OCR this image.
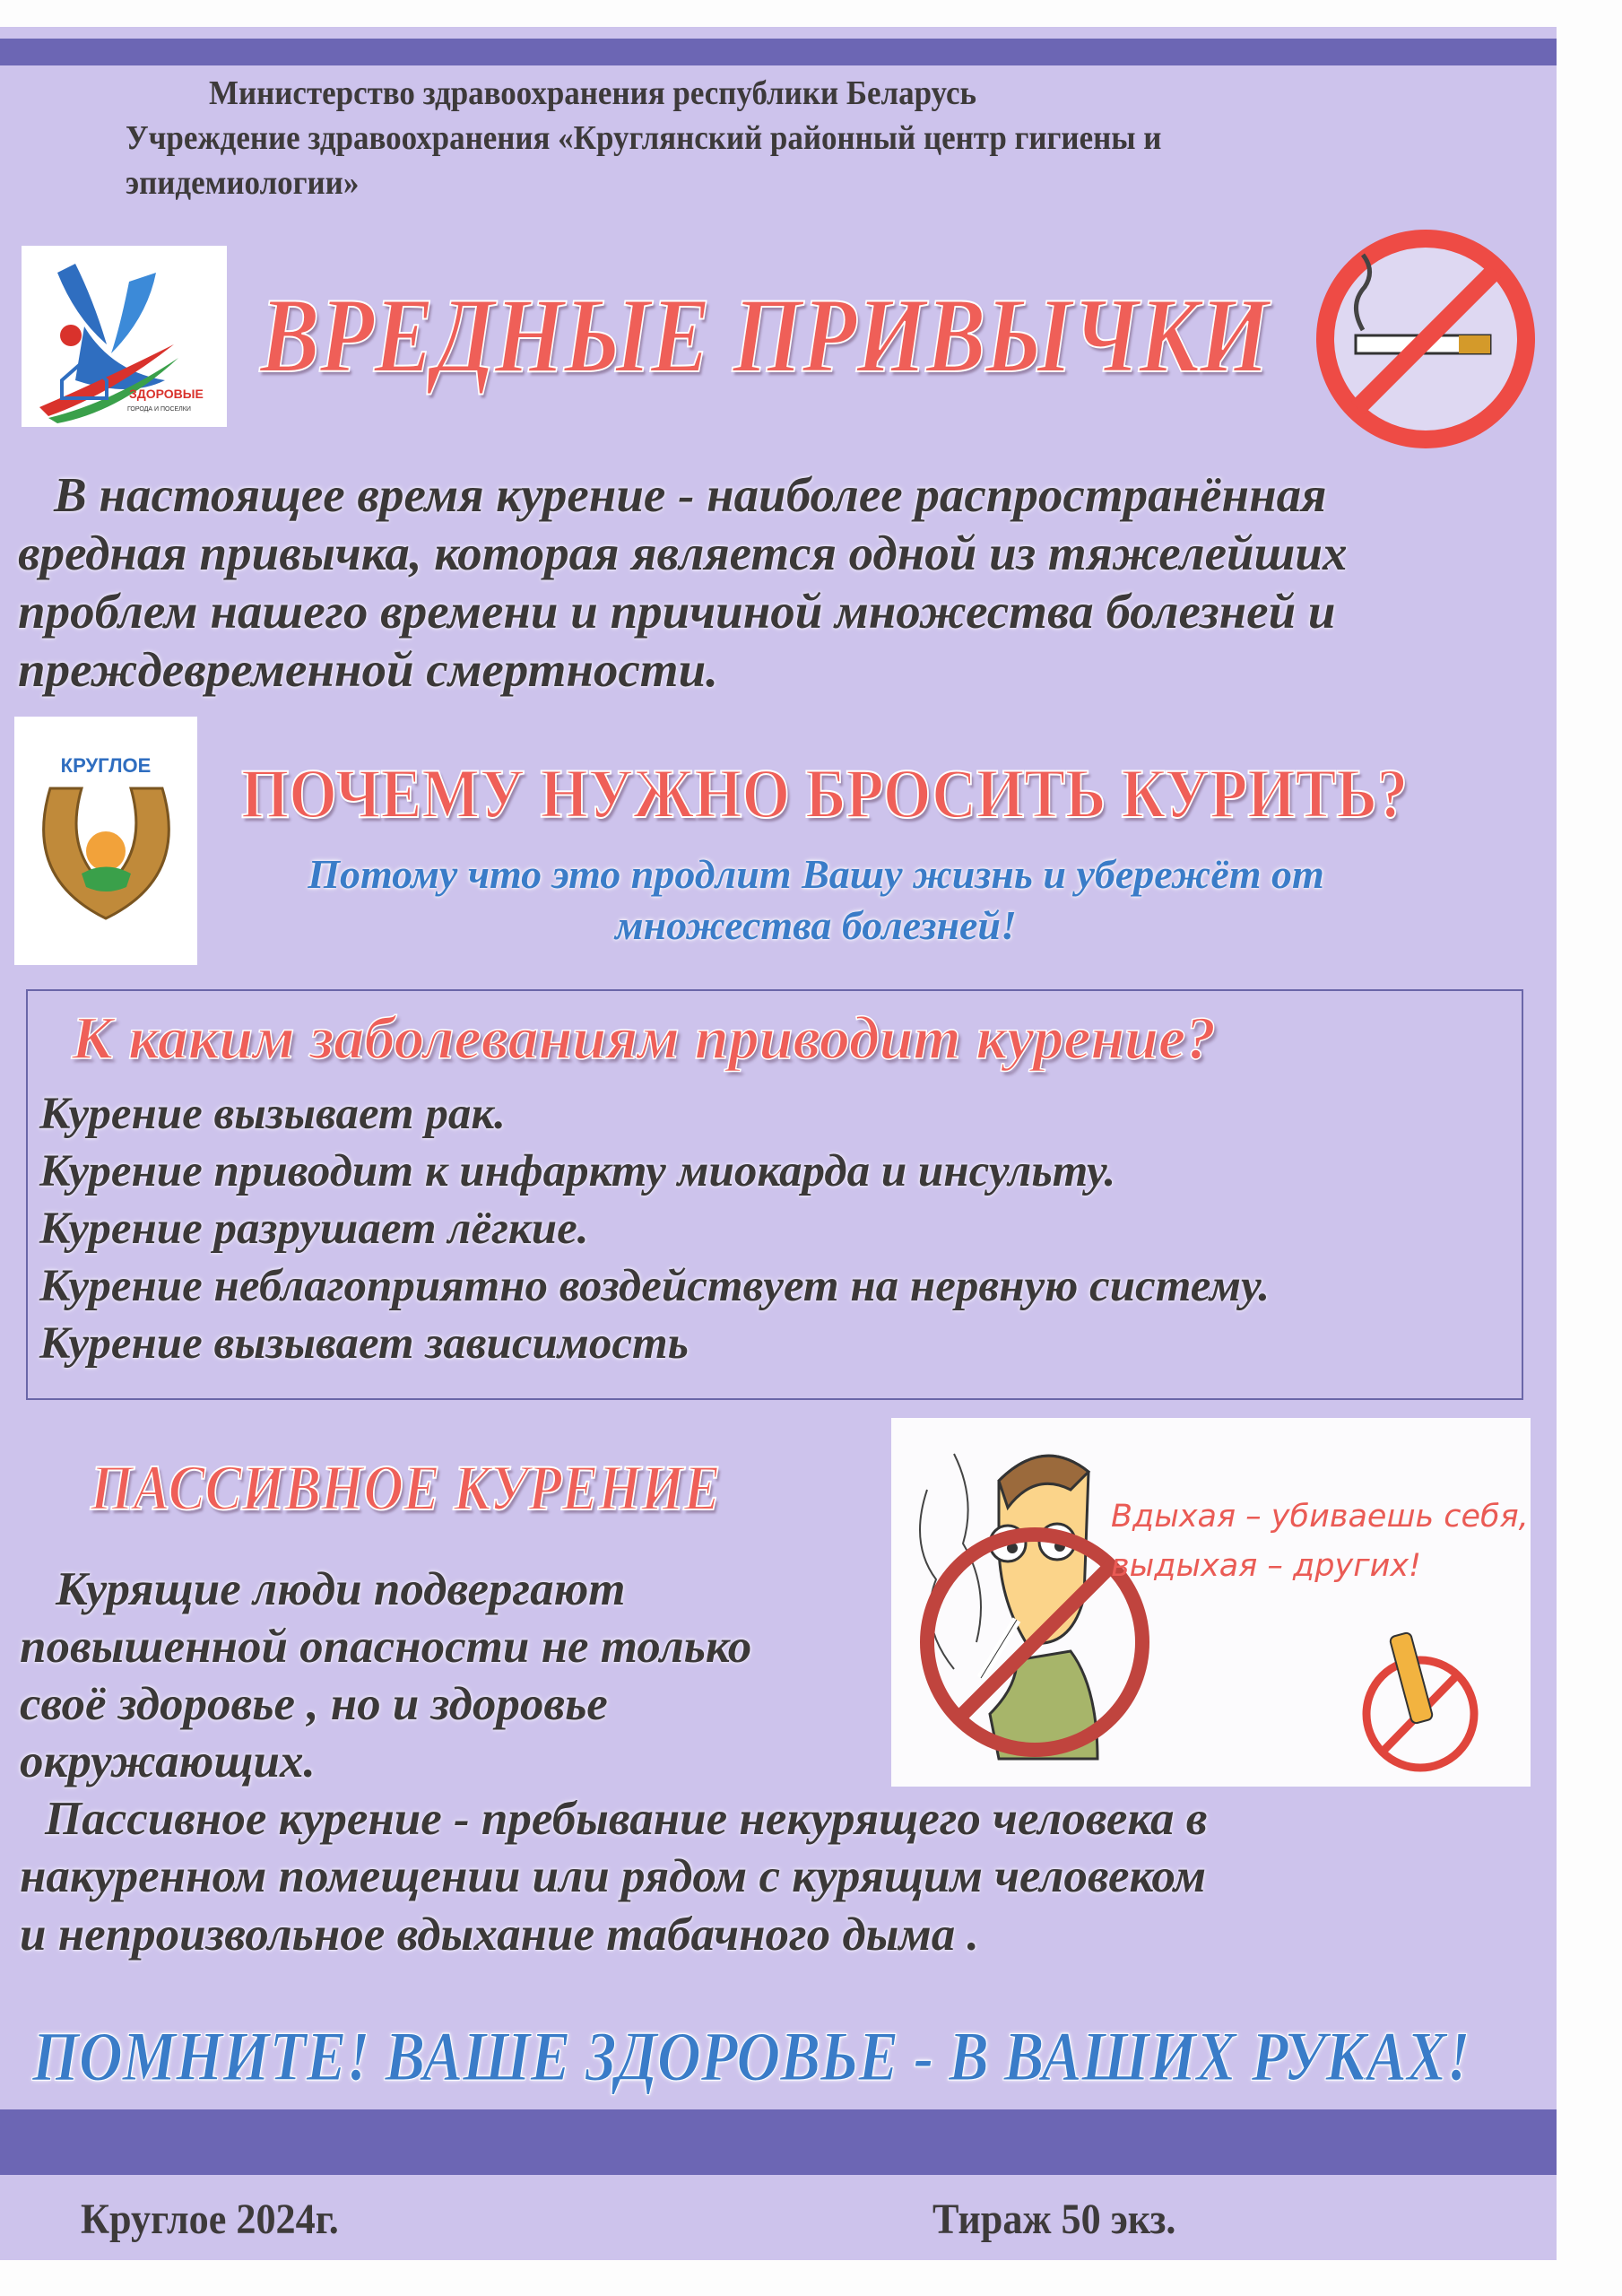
Министерство здравоохранения республики Беларусь
Учреждение здравоохранения «Круглянский районный центр гигиены и
эпидемиологии»
ЗДОРОВЫЕ
ГОРОДА И ПОСЕЛКИ
ВРЕДНЫЕ ПРИВЫЧКИ
В настоящее время курение - наиболее распространённая
вредная привычка, которая является одной из тяжелейших
проблем нашего времени и причиной множества болезней и
преждевременной смертности.
КРУГЛОЕ ПОЧЕМУ НУЖНО БРОСИТЬ КУРИТЬ?
Потому что это продлит Вашу жизнь и убережёт от
множества болезней!
К каким заболеваниям приводит курение?
Курение вызывает рак.
Курение приводит к инфаркту миокарда и инсульту.
Курение разрушает лёгкие.
Курение неблагоприятно воздействует на нервную систему.
Курение вызывает зависимость
ПАССИВНОЕ КУРЕНИЕ	Вдыхая – убиваешь себя,
выдыхая – других!
Курящие люди подвергают
повышенной опасности не только
своё здоровье , но и здоровье
окружающих.
Пассивное курение - пребывание некурящего человека в
накуренном помещении или рядом с курящим человеком
и непроизвольное вдыхание табачного дыма .
ПОМНИТЕ! ВАШЕ ЗДОРОВЬЕ - В ВАШИХ РУКАХ!
Круглое 2024г.	Тираж 50 экз.
